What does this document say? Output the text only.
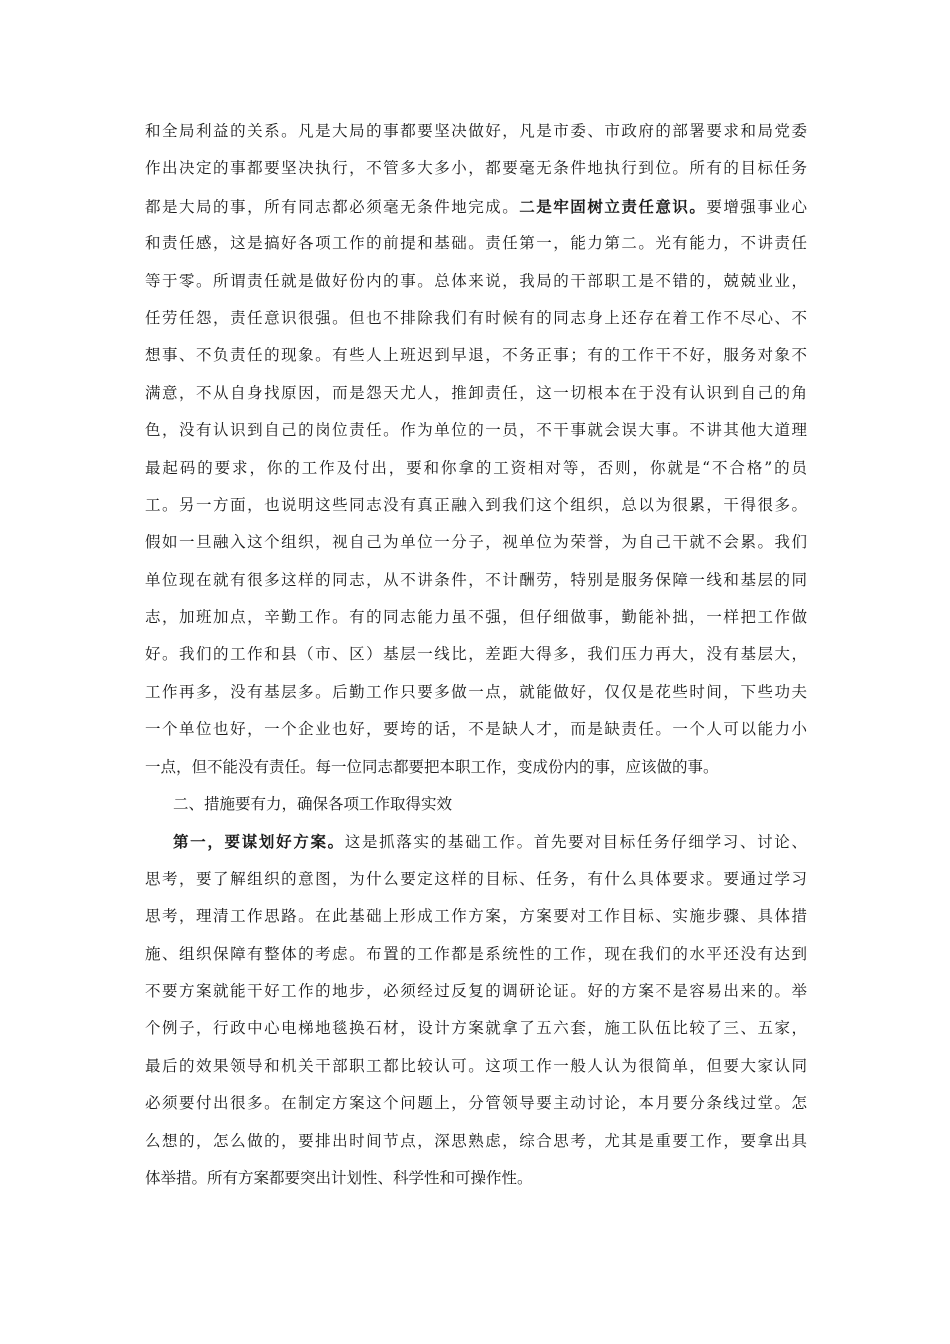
和全局利益的关系。凡是大局的事都要坚决做好，凡是市委、市政府的部署要求和局党委
作出决定的事都要坚决执行，不管多大多小，都要毫无条件地执行到位。所有的目标任务
都是大局的事，所有同志都必须毫无条件地完成。二是牢固树立责任意识。要增强事业心
和责任感，这是搞好各项工作的前提和基础。责任第一，能力第二。光有能力，不讲责任
等于零。所谓责任就是做好份内的事。总体来说，我局的干部职工是不错的，兢兢业业，
任劳任怨，责任意识很强。但也不排除我们有时候有的同志身上还存在着工作不尽心、不
想事、不负责任的现象。有些人上班迟到早退，不务正事；有的工作干不好，服务对象不
满意，不从自身找原因，而是怨天尤人，推卸责任，这一切根本在于没有认识到自己的角
色，没有认识到自己的岗位责任。作为单位的一员，不干事就会误大事。不讲其他大道理
最起码的要求，你的工作及付出，要和你拿的工资相对等，否则，你就是“不合格”的员
工。另一方面，也说明这些同志没有真正融入到我们这个组织，总以为很累，干得很多。
假如一旦融入这个组织，视自己为单位一分子，视单位为荣誉，为自己干就不会累。我们
单位现在就有很多这样的同志，从不讲条件，不计酬劳，特别是服务保障一线和基层的同
志，加班加点，辛勤工作。有的同志能力虽不强，但仔细做事，勤能补拙，一样把工作做
好。我们的工作和县（市、区）基层一线比，差距大得多，我们压力再大，没有基层大，
工作再多，没有基层多。后勤工作只要多做一点，就能做好，仅仅是花些时间，下些功夫
一个单位也好，一个企业也好，要垮的话，不是缺人才，而是缺责任。一个人可以能力小
一点，但不能没有责任。每一位同志都要把本职工作，变成份内的事，应该做的事。
二、措施要有力，确保各项工作取得实效
第一，要谋划好方案。这是抓落实的基础工作。首先要对目标任务仔细学习、讨论、
思考，要了解组织的意图，为什么要定这样的目标、任务，有什么具体要求。要通过学习
思考，理清工作思路。在此基础上形成工作方案，方案要对工作目标、实施步骤、具体措
施、组织保障有整体的考虑。布置的工作都是系统性的工作，现在我们的水平还没有达到
不要方案就能干好工作的地步，必须经过反复的调研论证。好的方案不是容易出来的。举
个例子，行政中心电梯地毯换石材，设计方案就拿了五六套，施工队伍比较了三、五家，
最后的效果领导和机关干部职工都比较认可。这项工作一般人认为很简单，但要大家认同
必须要付出很多。在制定方案这个问题上，分管领导要主动讨论，本月要分条线过堂。怎
么想的，怎么做的，要排出时间节点，深思熟虑，综合思考，尤其是重要工作，要拿出具
体举措。所有方案都要突出计划性、科学性和可操作性。
